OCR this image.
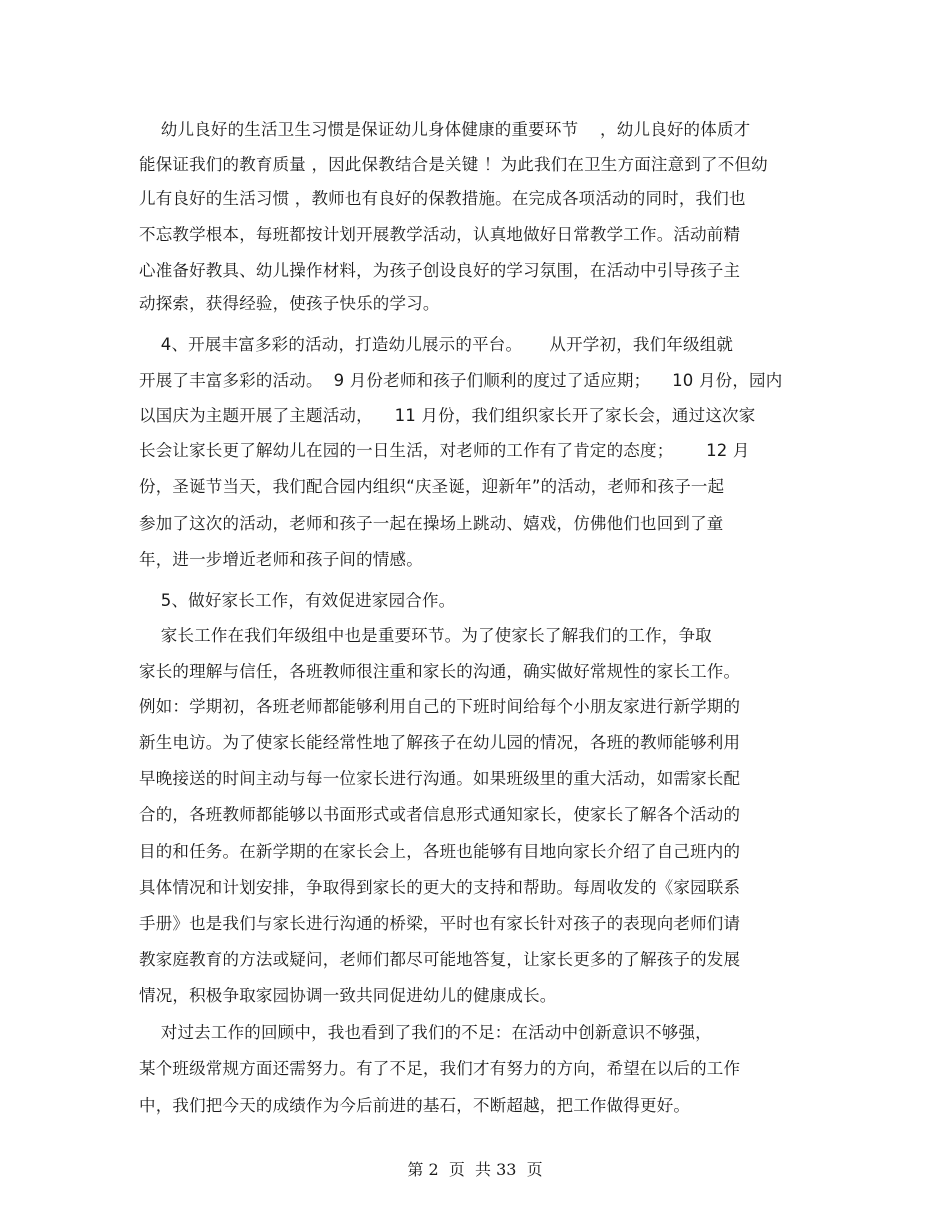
幼儿良好的生活卫生习惯是保证幼儿身体健康的重要环节    ，幼儿良好的体质才
能保证我们的教育质量 ，因此保教结合是关键 ！为此我们在卫生方面注意到了不但幼
儿有良好的生活习惯 ，教师也有良好的保教措施。在完成各项活动的同时，我们也
不忘教学根本，每班都按计划开展教学活动，认真地做好日常教学工作。活动前精
心准备好教具、幼儿操作材料，为孩子创设良好的学习氛围，在活动中引导孩子主
动探索，获得经验，使孩子快乐的学习。
4、开展丰富多彩的活动，打造幼儿展示的平台。     从开学初，我们年级组就
开展了丰富多彩的活动。  9 月份老师和孩子们顺利的度过了适应期；    10 月份，园内
以国庆为主题开展了主题活动，    11 月份，我们组织家长开了家长会，通过这次家
长会让家长更了解幼儿在园的一日生活，对老师的工作有了肯定的态度；      12 月
份，圣诞节当天，我们配合园内组织“庆圣诞，迎新年”的活动，老师和孩子一起
参加了这次的活动，老师和孩子一起在操场上跳动、嬉戏，仿佛他们也回到了童
年，进一步增近老师和孩子间的情感。
5、做好家长工作，有效促进家园合作。
家长工作在我们年级组中也是重要环节。为了使家长了解我们的工作，争取
家长的理解与信任，各班教师很注重和家长的沟通，确实做好常规性的家长工作。
例如：学期初，各班老师都能够利用自己的下班时间给每个小朋友家进行新学期的
新生电访。为了使家长能经常性地了解孩子在幼儿园的情况，各班的教师能够利用
早晚接送的时间主动与每一位家长进行沟通。如果班级里的重大活动，如需家长配
合的，各班教师都能够以书面形式或者信息形式通知家长，使家长了解各个活动的
目的和任务。在新学期的在家长会上，各班也能够有目地向家长介绍了自己班内的
具体情况和计划安排，争取得到家长的更大的支持和帮助。每周收发的《家园联系
手册》也是我们与家长进行沟通的桥梁，平时也有家长针对孩子的表现向老师们请
教家庭教育的方法或疑问，老师们都尽可能地答复，让家长更多的了解孩子的发展
情况，积极争取家园协调一致共同促进幼儿的健康成长。
对过去工作的回顾中，我也看到了我们的不足：在活动中创新意识不够强，
某个班级常规方面还需努力。有了不足，我们才有努力的方向，希望在以后的工作
中，我们把今天的成绩作为今后前进的基石，不断超越，把工作做得更好。
第 2  页  共 33  页
